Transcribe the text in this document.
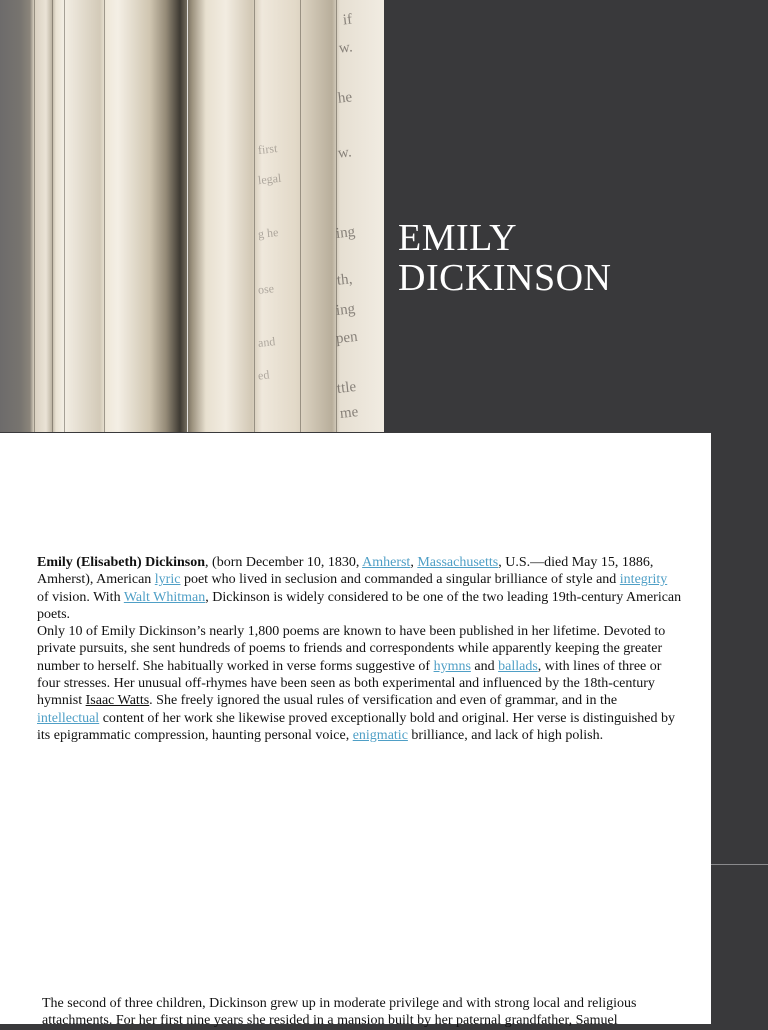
if
w.
he
w.
ing
th,
ing
pen
ttle
me
first
legal
g he
ose
and
ed
EMILY
DICKINSON

Emily (Elisabeth) Dickinson, (born December 10, 1830, Amherst, Massachusetts, U.S.—died May 15, 1886, Amherst), American lyric poet who lived in seclusion and commanded a singular brilliance of style and integrity of vision. With Walt Whitman, Dickinson is widely considered to be one of the two leading 19th-century American poets.

Only 10 of Emily Dickinson’s nearly 1,800 poems are known to have been published in her lifetime. Devoted to private pursuits, she sent hundreds of poems to friends and correspondents while apparently keeping the greater number to herself. She habitually worked in verse forms suggestive of hymns and ballads, with lines of three or four stresses. Her unusual off-rhymes have been seen as both experimental and influenced by the 18th-century hymnist Isaac Watts. She freely ignored the usual rules of versification and even of grammar, and in the intellectual content of her work she likewise proved exceptionally bold and original. Her verse is distinguished by its epigrammatic compression, haunting personal voice, enigmatic brilliance, and lack of high polish.

The second of three children, Dickinson grew up in moderate privilege and with strong local and religious attachments. For her first nine years she resided in a mansion built by her paternal grandfather, Samuel
